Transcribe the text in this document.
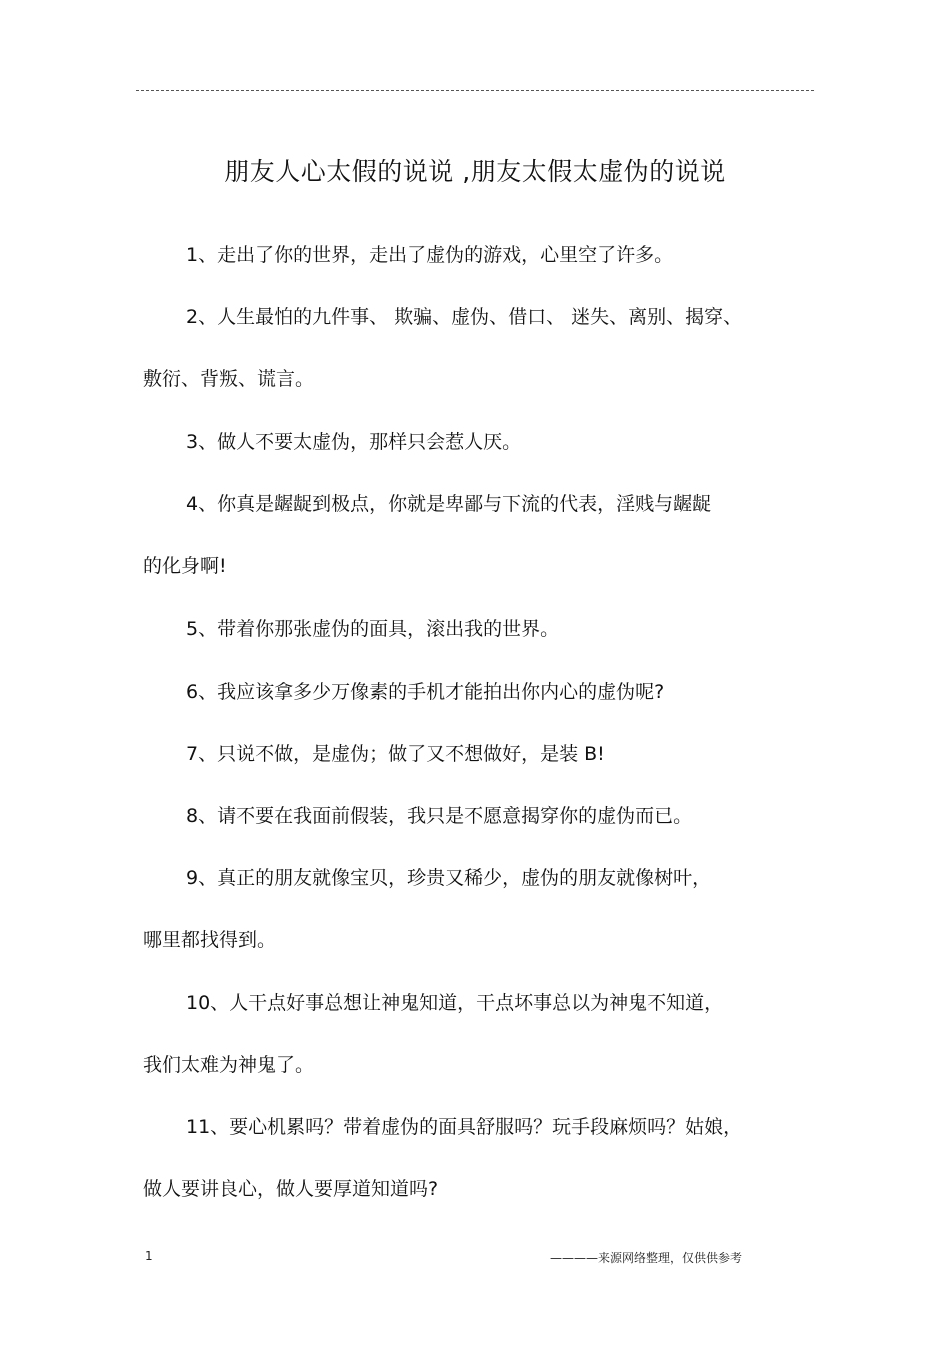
朋友人心太假的说说 ,朋友太假太虚伪的说说
1、走出了你的世界，走出了虚伪的游戏，心里空了许多。
2、人生最怕的九件事、 欺骗、虚伪、借口、 迷失、离别、揭穿、
敷衍、背叛、谎言。
3、做人不要太虚伪，那样只会惹人厌。
4、你真是龌龊到极点，你就是卑鄙与下流的代表，淫贱与龌龊
的化身啊!
5、带着你那张虚伪的面具，滚出我的世界。
6、我应该拿多少万像素的手机才能拍出你内心的虚伪呢?
7、只说不做，是虚伪；做了又不想做好，是装 B!
8、请不要在我面前假装，我只是不愿意揭穿你的虚伪而已。
9、真正的朋友就像宝贝，珍贵又稀少，虚伪的朋友就像树叶，
哪里都找得到。
10、人干点好事总想让神鬼知道，干点坏事总以为神鬼不知道，
我们太难为神鬼了。
11、要心机累吗？带着虚伪的面具舒服吗？玩手段麻烦吗？姑娘，
做人要讲良心，做人要厚道知道吗?
1	————来源网络整理，仅供供参考
